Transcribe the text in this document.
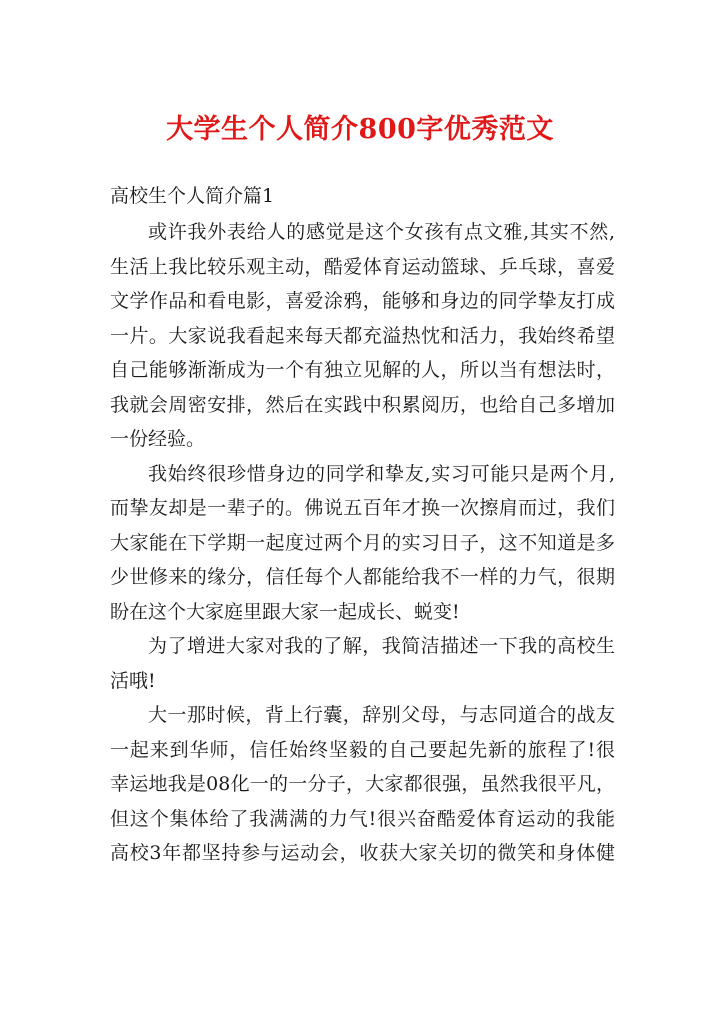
大学生个人简介800字优秀范文
高校生个人简介篇1
或许我外表给人的感觉是这个女孩有点文雅,其实不然,
生活上我比较乐观主动，酷爱体育运动篮球、乒乓球，喜爱
文学作品和看电影，喜爱涂鸦，能够和身边的同学挚友打成
一片。大家说我看起来每天都充溢热忱和活力，我始终希望
自己能够渐渐成为一个有独立见解的人，所以当有想法时，
我就会周密安排，然后在实践中积累阅历，也给自己多增加
一份经验。
我始终很珍惜身边的同学和挚友,实习可能只是两个月,
而挚友却是一辈子的。佛说五百年才换一次擦肩而过，我们
大家能在下学期一起度过两个月的实习日子，这不知道是多
少世修来的缘分，信任每个人都能给我不一样的力气，很期
盼在这个大家庭里跟大家一起成长、蜕变!
为了增进大家对我的了解，我简洁描述一下我的高校生
活哦!
大一那时候，背上行囊，辞别父母，与志同道合的战友
一起来到华师，信任始终坚毅的自己要起先新的旅程了!很
幸运地我是08化一的一分子，大家都很强，虽然我很平凡，
但这个集体给了我满满的力气!很兴奋酷爱体育运动的我能
高校3年都坚持参与运动会，收获大家关切的微笑和身体健
